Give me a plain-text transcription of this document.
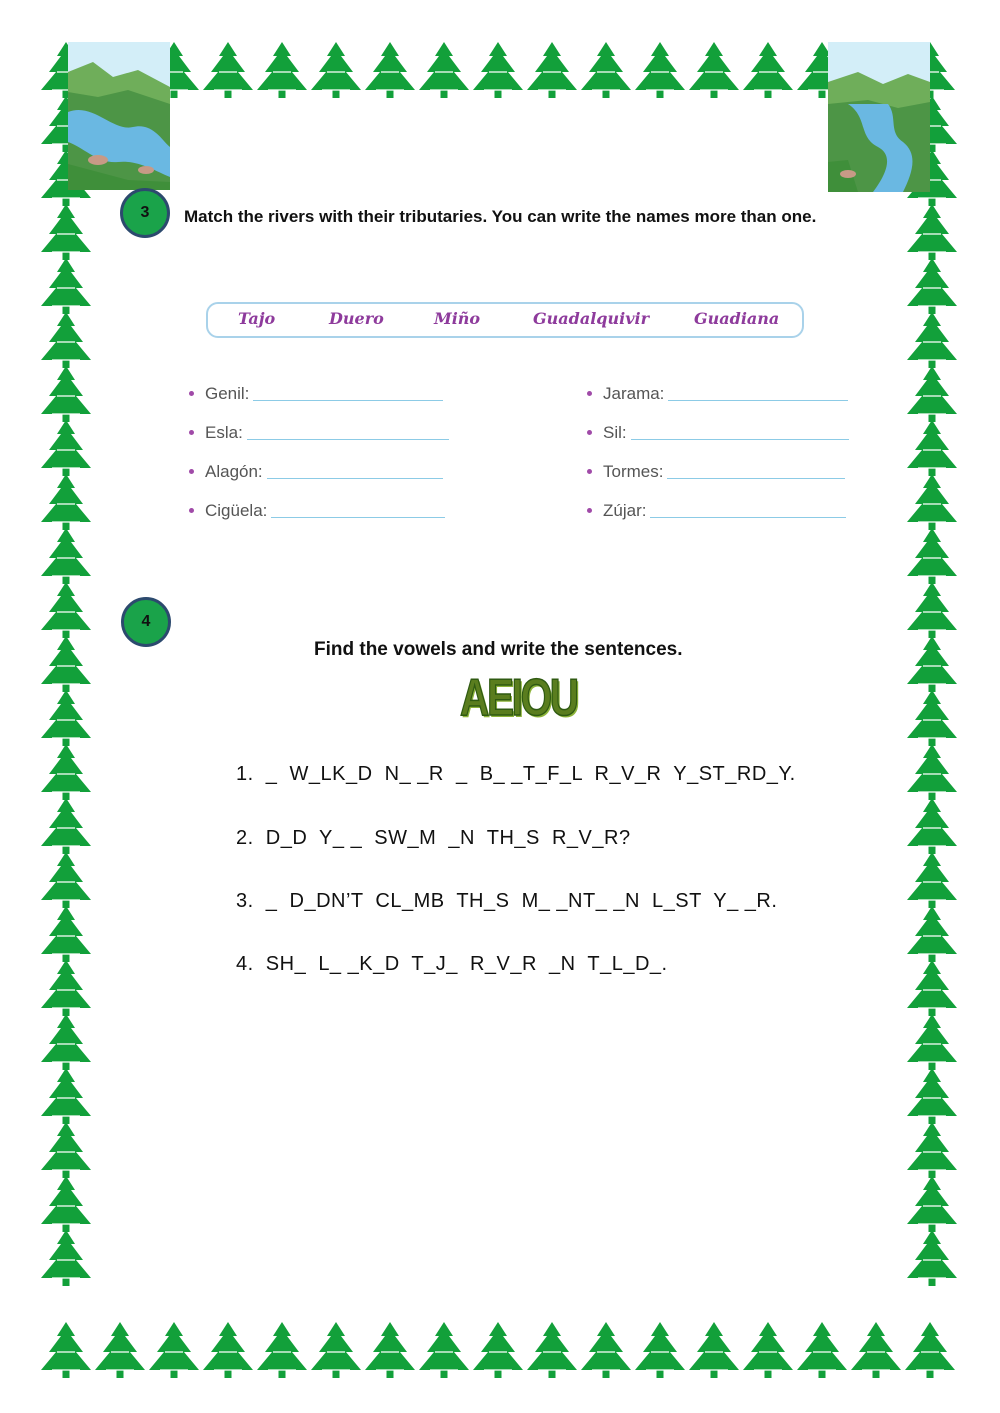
3 Match the rivers with their tributaries. You can write the names more than one.
Tajo	Duero	Miño	Guadalquivir	Guadiana
Genil:
Esla:
Alagón:
Cigüela:
Jarama:
Sil:
Tormes:
Zújar:
4
Find the vowels and write the sentences.
AEIOU
1.  _  W_LK_D  N_ _R  _  B_ _T_F_L  R_V_R  Y_ST_RD_Y.
2.  D_D  Y_ _  SW_M  _N  TH_S  R_V_R?
3.  _  D_DN’T  CL_MB  TH_S  M_ _NT_ _N  L_ST  Y_ _R.
4.  SH_  L_ _K_D  T_J_  R_V_R  _N  T_L_D_.
